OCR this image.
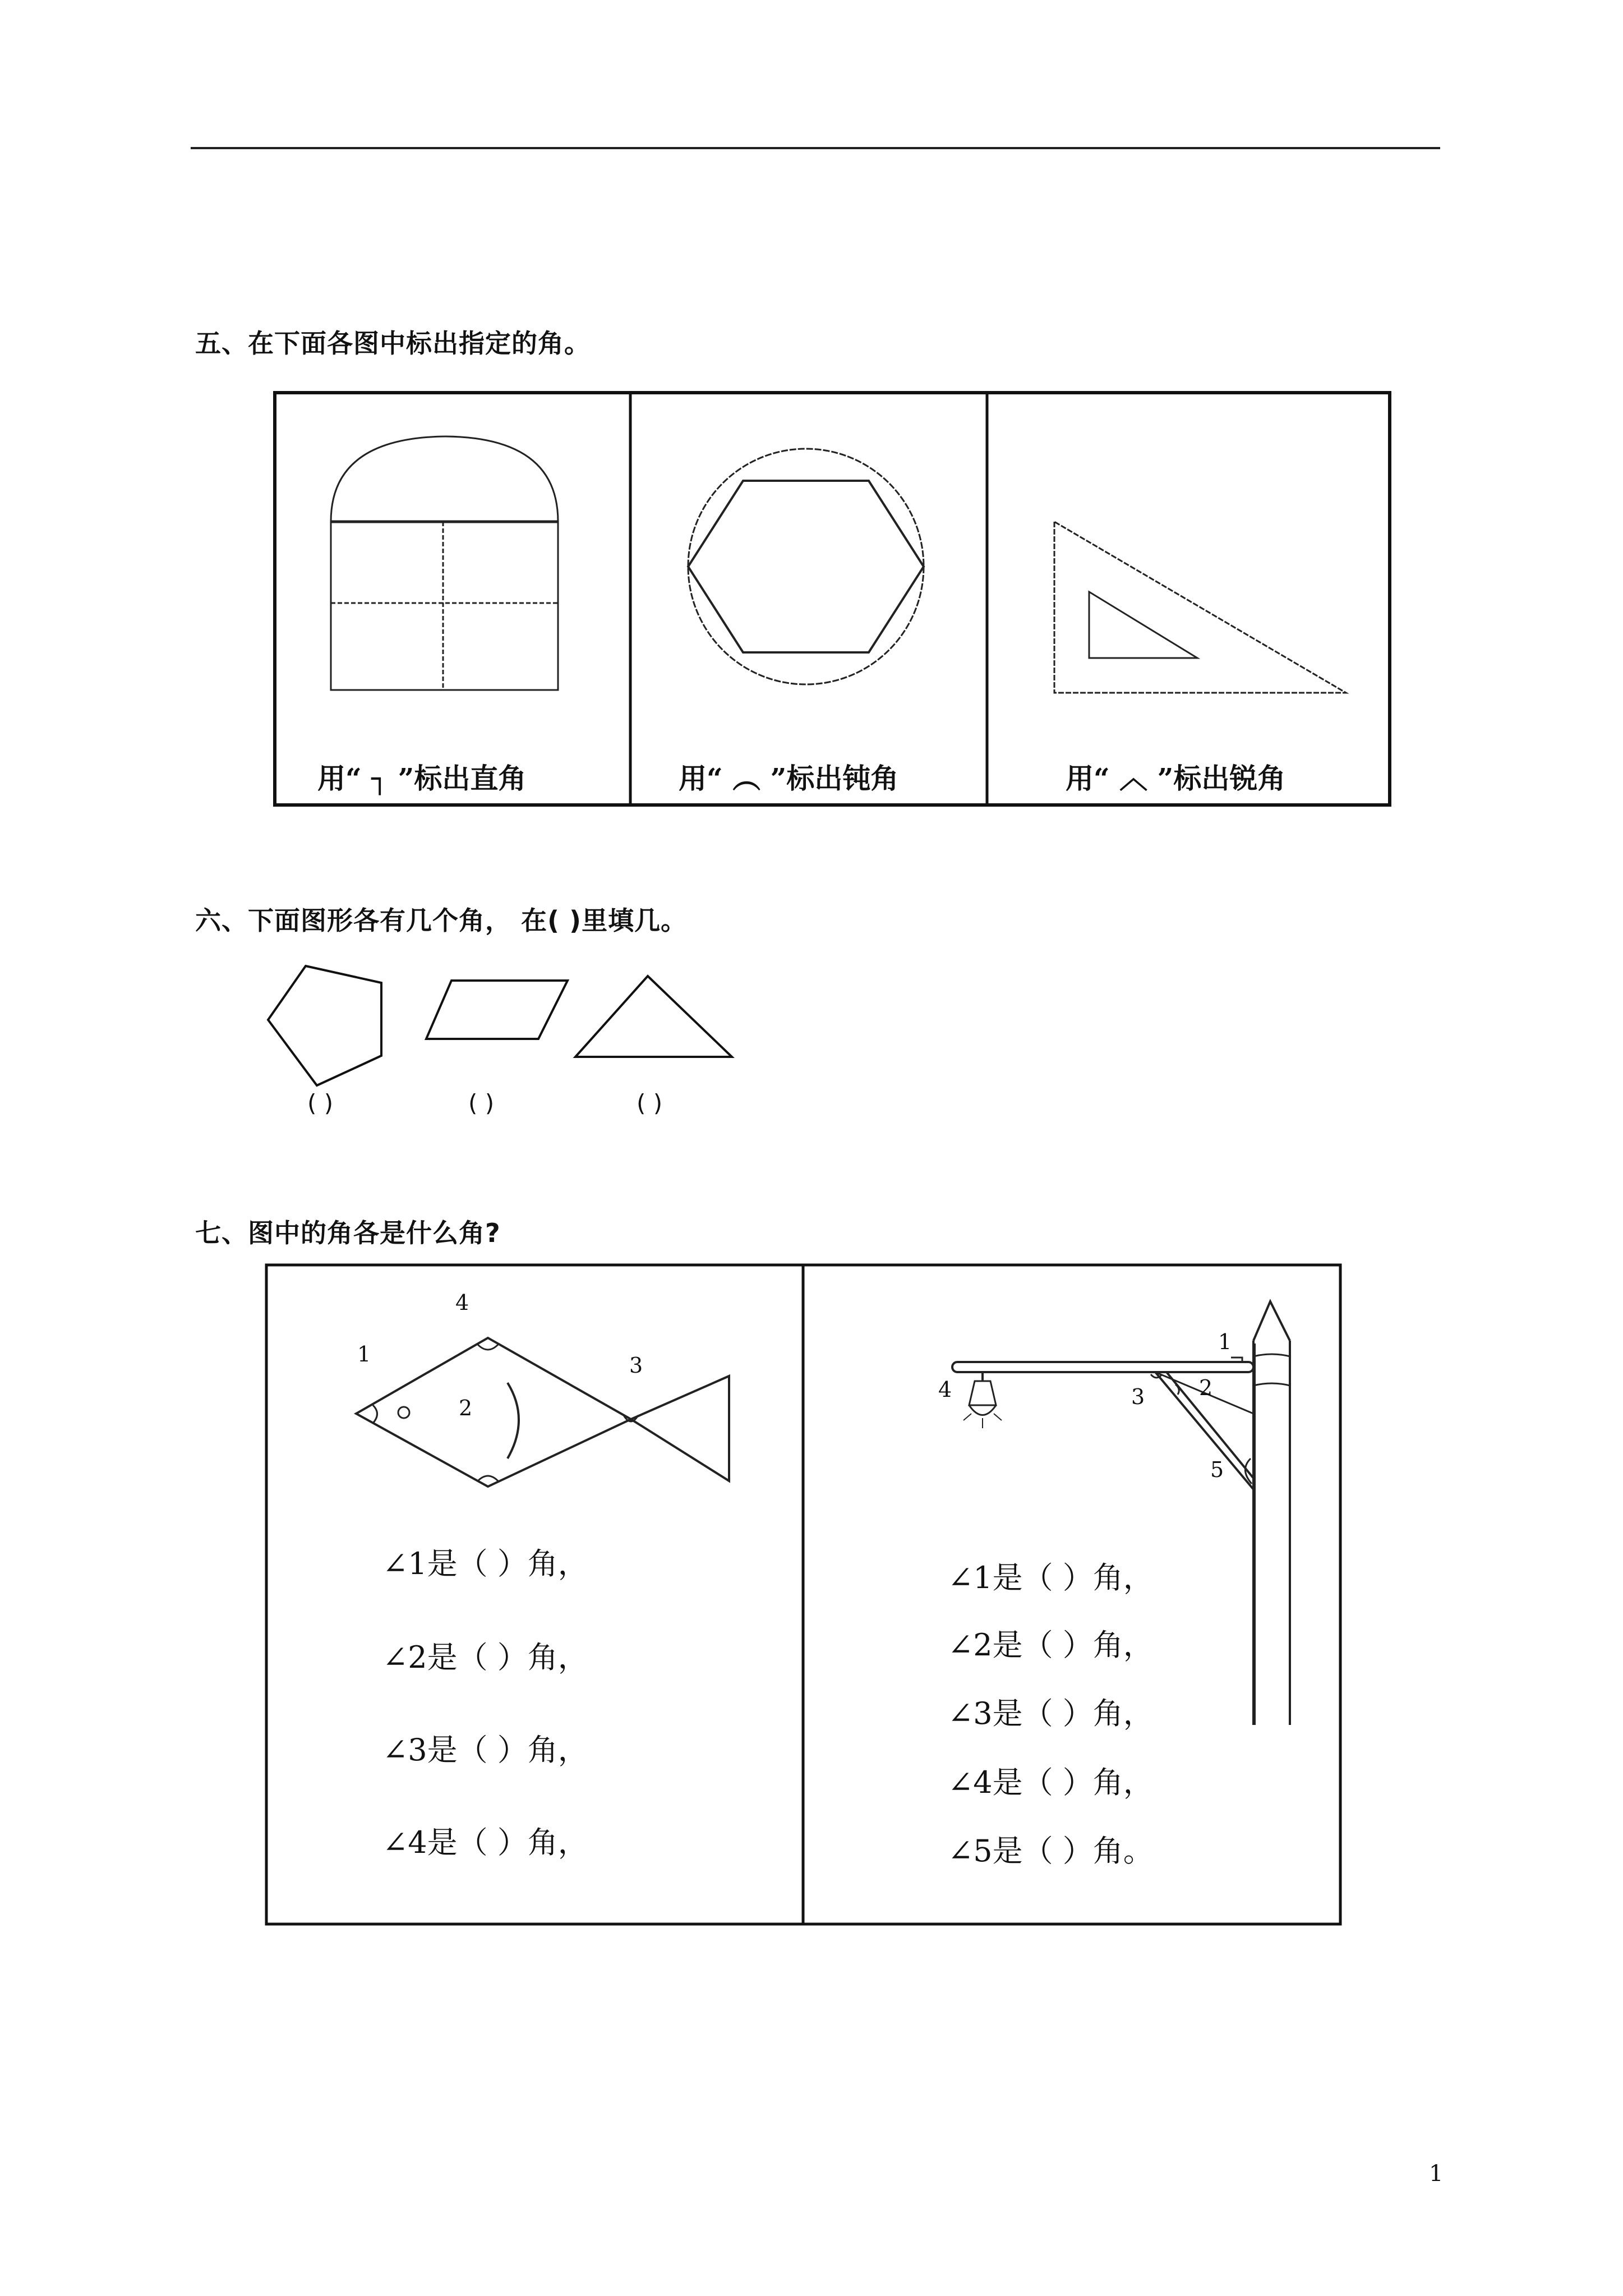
五、在下面各图中标出指定的角。
用“ ┐ ”标出直角	用“ ︵ ”标出钝角	用“ ︿ ”标出锐角
六、下面图形各有几个角， 在( )里填几。
( )	( )	( )
七、图中的角各是什么角?
1
2
3
4
∠1是（ ）角，
∠2是（ ）角，
∠3是（ ）角，
∠4是（ ）角，
1
2
3
4
5
∠1是（ ）角，
∠2是（ ）角，
∠3是（ ）角，
∠4是（ ）角，
∠5是（ ）角。
1
